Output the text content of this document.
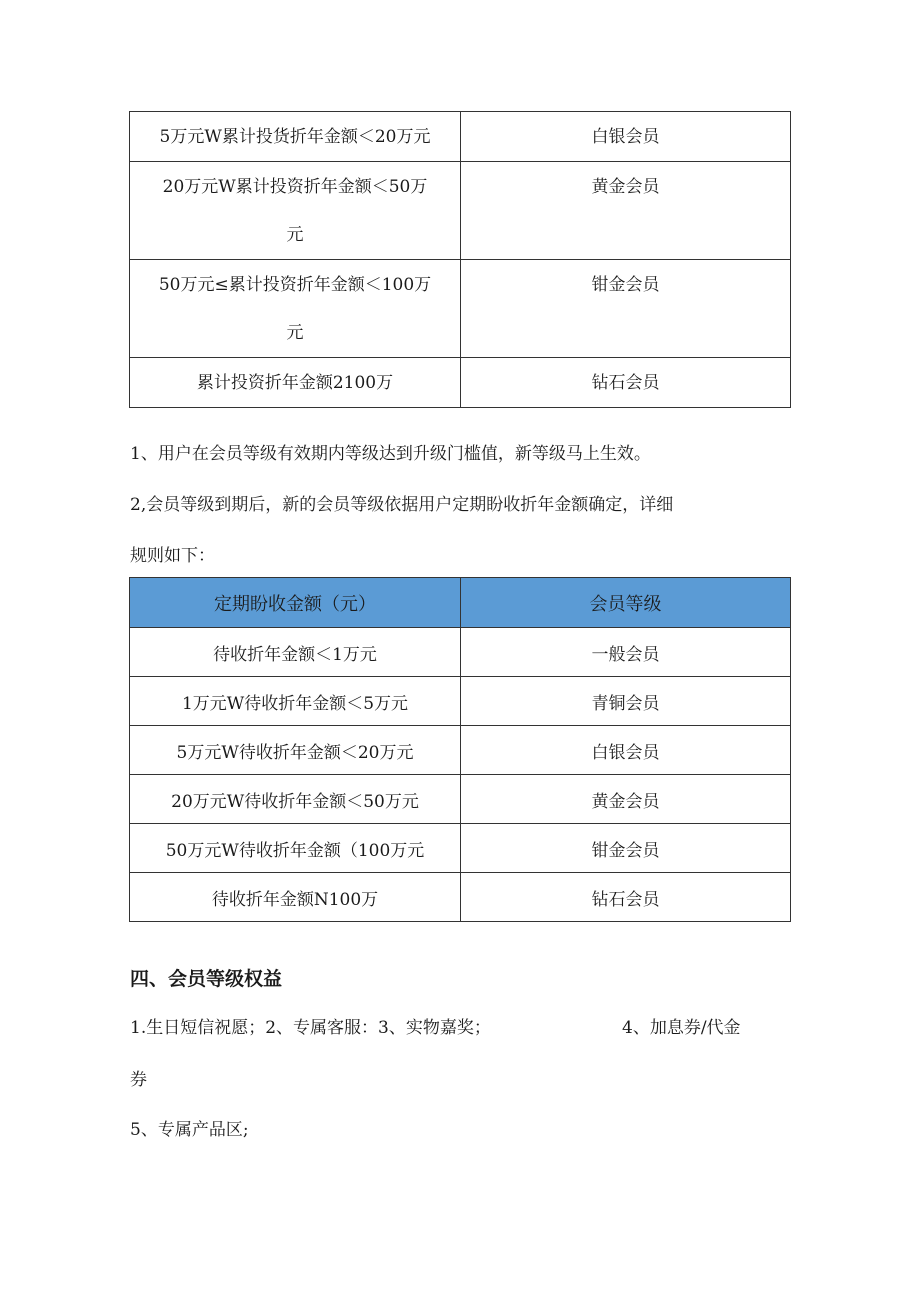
5万元W累计投货折年金额＜20万元	白银会员

20万元W累计投资折年金额＜50万
元	黄金会员

50万元≤累计投资折年金额＜100万
元	钳金会员

累计投资折年金额2100万	钻石会员
1、用户在会员等级有效期内等级达到升级门槛值，新等级马上生效。
2,会员等级到期后，新的会员等级依据用户定期盼收折年金额确定，详细
规则如下：
定期盼收金额（元）	会员等级
待收折年金额＜1万元	一般会员
1万元W待收折年金额＜5万元	青铜会员
5万元W待收折年金额＜20万元	白银会员
20万元W待收折年金额＜50万元	黄金会员
50万元W待收折年金额（100万元	钳金会员
待收折年金额N100万	钻石会员
四、会员等级权益
1.生日短信祝愿；2、专属客服：3、实物嘉奖；	4、加息券/代金
券
5、专属产品区;
